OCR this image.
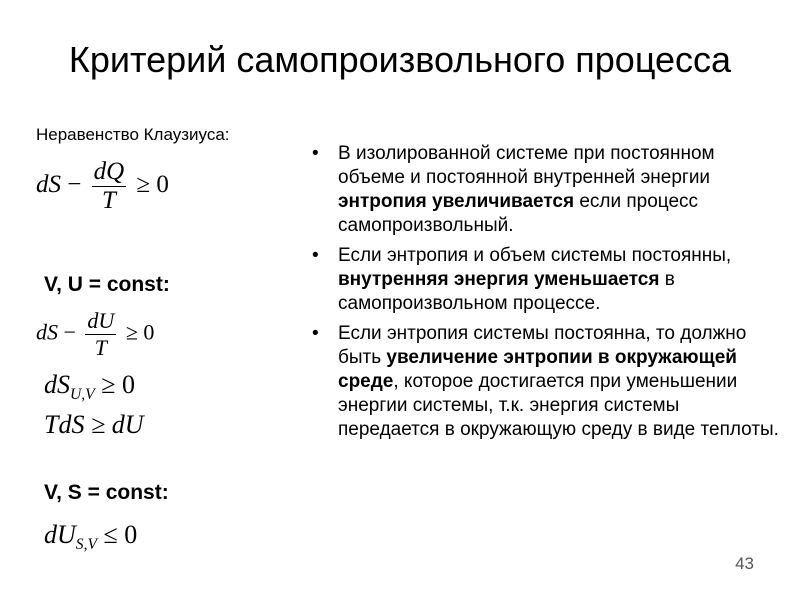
Критерий самопроизвольного процесса
Неравенство Клаузиуса:
dS − $\frac{dQ}{T} \ge 0$
V, U = const:
dS − $\frac{dU}{T} \ge 0$
$dS_{U,V} \ge 0$
TdS ≥ dU
V, S = const:
$dU_{S,V} \le 0$
• В изолированной системе при постоянном объеме и постоянной внутренней энергии энтропия увеличивается если процесс самопроизвольный.
• Если энтропия и объем системы постоянны, внутренняя энергия уменьшается в самопроизвольном процессе.
• Если энтропия системы постоянна, то должно быть увеличение энтропии в окружающей среде, которое достигается при уменьшении энергии системы, т.к. энергия системы передается в окружающую среду в виде теплоты.
43
